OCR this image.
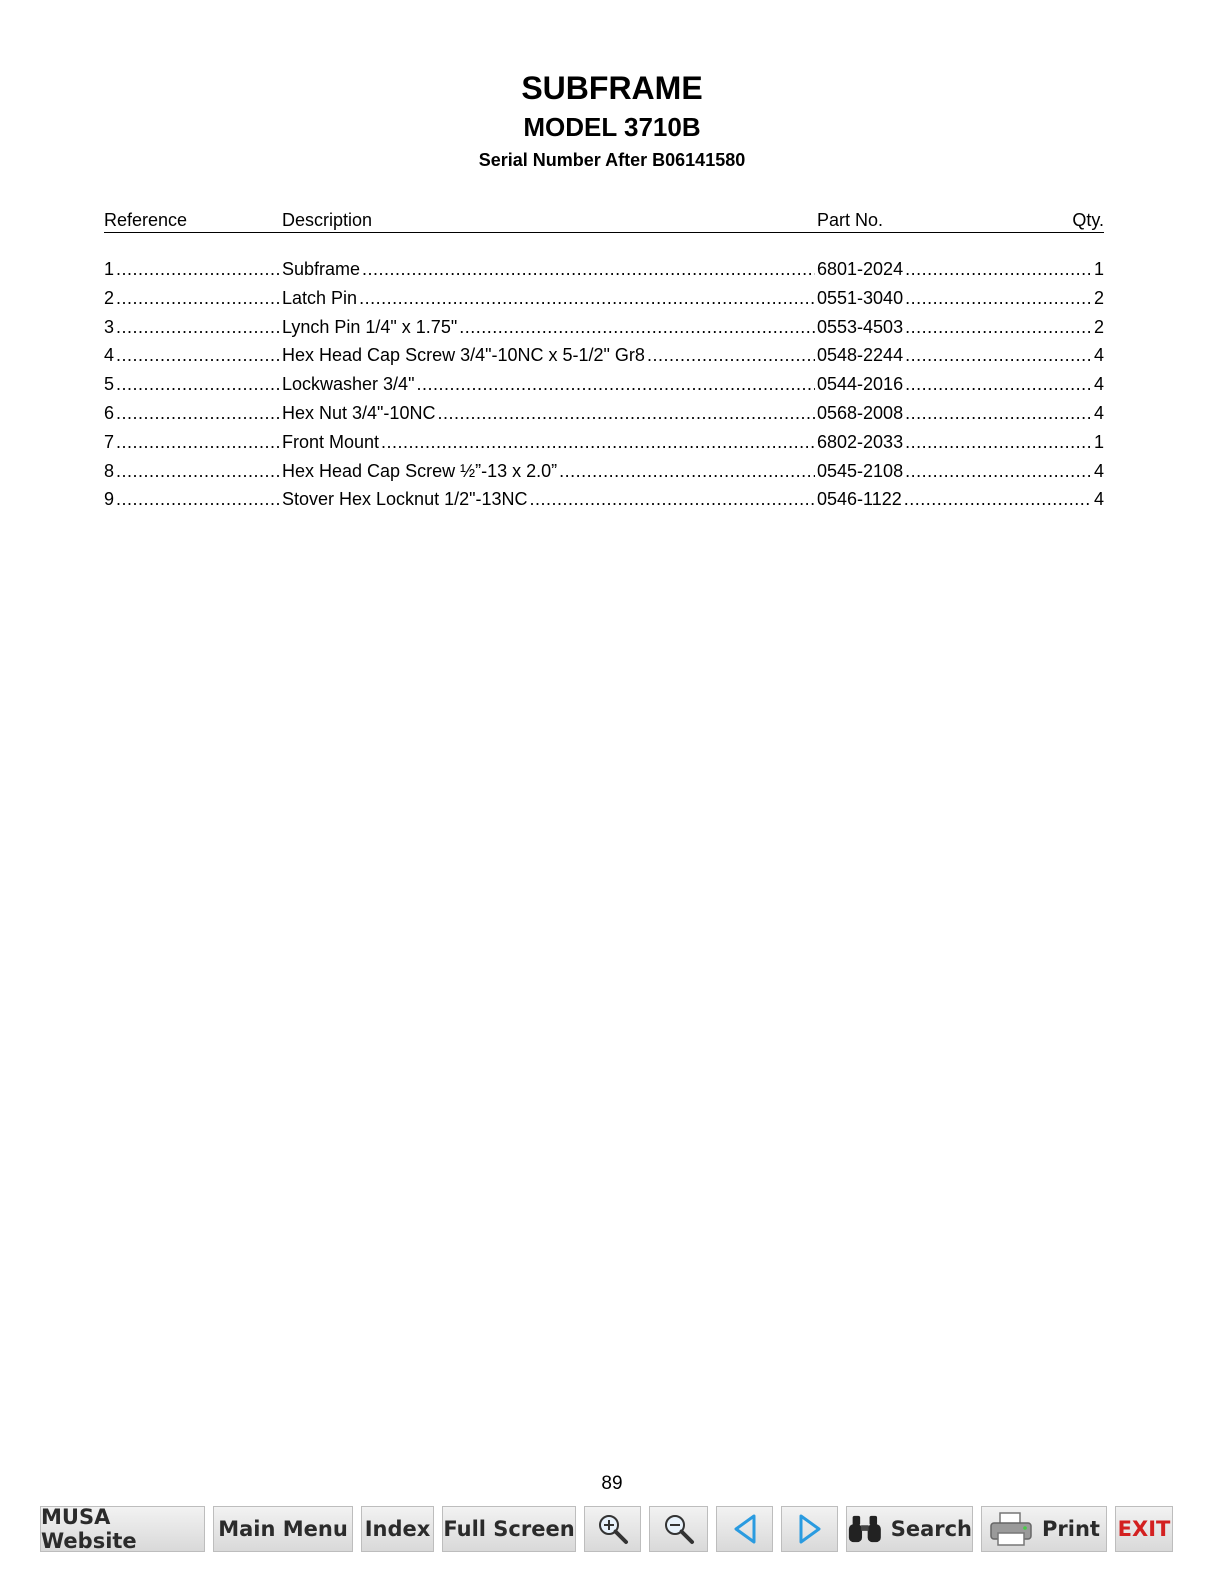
SUBFRAME
MODEL 3710B
Serial Number After B06141580
Reference	Description	Part No.	Qty.
1 .....	Subframe .....	6801-2024 .....	1
2 .....	Latch Pin .....	0551-3040 .....	2
3 .....	Lynch Pin 1/4" x 1.75" .....	0553-4503 .....	2
4 .....	Hex Head Cap Screw 3/4"-10NC x 5-1/2" Gr8 .....	0548-2244 .....	4
5 .....	Lockwasher 3/4" .....	0544-2016 .....	4
6 .....	Hex Nut 3/4"-10NC .....	0568-2008 .....	4
7 .....	Front Mount .....	6802-2033 .....	1
8 .....	Hex Head Cap Screw ½”-13 x 2.0” .....	0545-2108 .....	4
9 .....	Stover Hex Locknut 1/2"-13NC .....	0546-1122 .....	4
89
MUSA Website	Main Menu Index Full Screen	Search	Print EXIT
